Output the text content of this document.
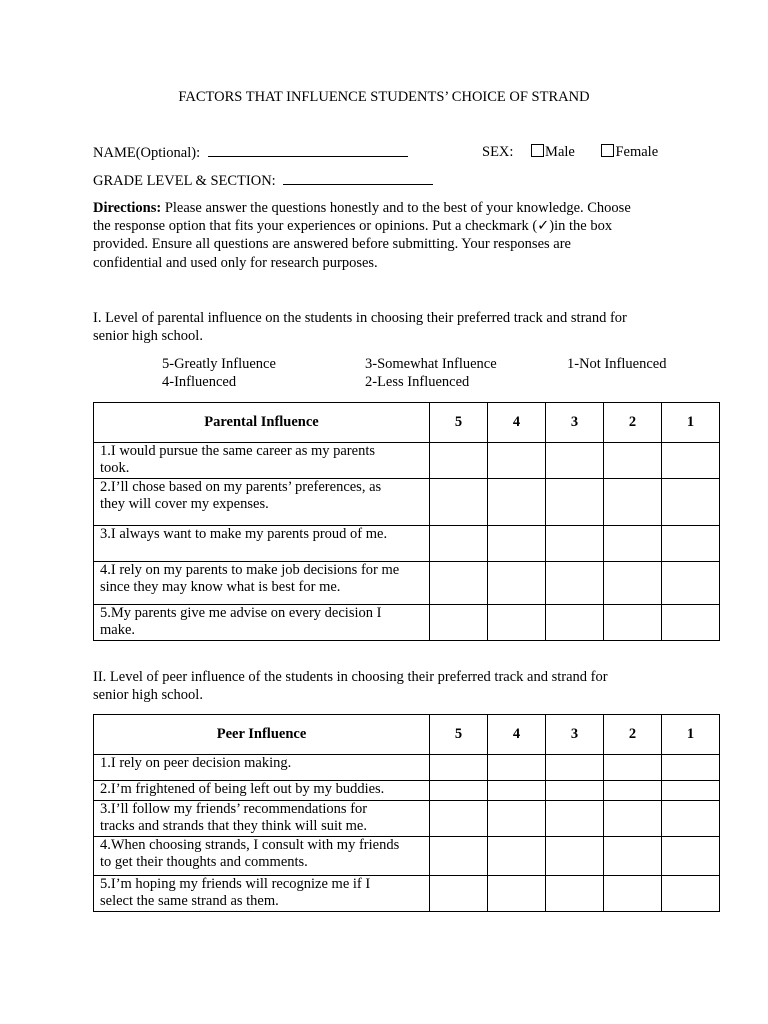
FACTORS THAT INFLUENCE STUDENTS’ CHOICE OF STRAND
NAME(Optional):	SEX: Male	Female
GRADE LEVEL & SECTION:
Directions: Please answer the questions honestly and to the best of your knowledge. Choose
the response option that fits your experiences or opinions. Put a checkmark (✓)in the box
provided. Ensure all questions are answered before submitting. Your responses are
confidential and used only for research purposes.
I. Level of parental influence on the students in choosing their preferred track and strand for
senior high school.
5-Greatly Influence
4-Influenced
3-Somewhat Influence
2-Less Influenced
1-Not Influenced
Parental Influence	5	4	3	2	1
1.I would pursue the same career as my parents
took.					
2.I’ll chose based on my parents’ preferences, as
they will cover my expenses.					
3.I always want to make my parents proud of me.					
4.I rely on my parents to make job decisions for me
since they may know what is best for me.					
5.My parents give me advise on every decision I
make.					
II. Level of peer influence of the students in choosing their preferred track and strand for
senior high school.
Peer Influence	5	4	3	2	1
1.I rely on peer decision making.					
2.I’m frightened of being left out by my buddies.					
3.I’ll follow my friends’ recommendations for
tracks and strands that they think will suit me.					
4.When choosing strands, I consult with my friends
to get their thoughts and comments.					
5.I’m hoping my friends will recognize me if I
select the same strand as them.					
